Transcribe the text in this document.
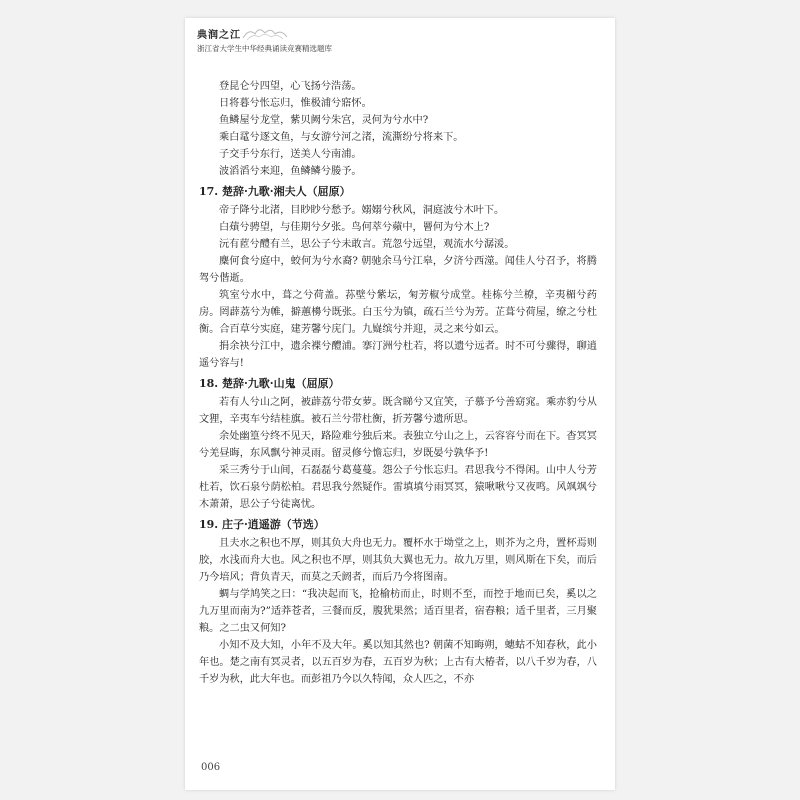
典润之江
浙江省大学生中华经典诵读竞赛精选题库
登昆仑兮四望，心飞扬兮浩荡。
日将暮兮怅忘归，惟极浦兮寤怀。
鱼鳞屋兮龙堂，紫贝阙兮朱宫，灵何为兮水中?
乘白鼋兮逐文鱼，与女游兮河之渚，流澌纷兮将来下。
子交手兮东行，送美人兮南浦。
波滔滔兮来迎，鱼鳞鳞兮媵予。
17. 楚辞·九歌·湘夫人（屈原）
帝子降兮北渚，目眇眇兮愁予。嫋嫋兮秋风，洞庭波兮木叶下。
白薠兮骋望，与佳期兮夕张。鸟何萃兮蘋中，罾何为兮木上?
沅有茝兮醴有兰，思公子兮未敢言。荒忽兮远望，观流水兮潺湲。
麋何食兮庭中，蛟何为兮水裔? 朝驰余马兮江皋，夕济兮西澨。闻佳人兮召予，将腾驾兮偕逝。
筑室兮水中，葺之兮荷盖。荪壁兮紫坛，匊芳椒兮成堂。桂栋兮兰橑，辛夷楣兮药房。罔薜荔兮为帷，擗蕙櫋兮既张。白玉兮为镇，疏石兰兮为芳。芷葺兮荷屋，缭之兮杜衡。合百草兮实庭，建芳馨兮庑门。九嶷缤兮并迎，灵之来兮如云。
捐余袂兮江中，遗余褋兮醴浦。搴汀洲兮杜若，将以遗兮远者。时不可兮骤得，聊逍遥兮容与!
18. 楚辞·九歌·山鬼（屈原）
若有人兮山之阿，被薜荔兮带女萝。既含睇兮又宜笑，子慕予兮善窈窕。乘赤豹兮从文狸，辛夷车兮结桂旗。被石兰兮带杜衡，折芳馨兮遗所思。
余处幽篁兮终不见天，路险难兮独后来。表独立兮山之上，云容容兮而在下。杳冥冥兮羌昼晦，东风飘兮神灵雨。留灵修兮憺忘归，岁既晏兮孰华予!
采三秀兮于山间，石磊磊兮葛蔓蔓。怨公子兮怅忘归。君思我兮不得闲。山中人兮芳杜若，饮石泉兮荫松柏。君思我兮然疑作。雷填填兮雨冥冥，猿啾啾兮又夜鸣。风飒飒兮木萧萧，思公子兮徒离忧。
19. 庄子·逍遥游（节选）
且夫水之积也不厚，则其负大舟也无力。覆杯水于坳堂之上，则芥为之舟，置杯焉则胶，水浅而舟大也。风之积也不厚，则其负大翼也无力。故九万里，则风斯在下矣，而后乃今培风；背负青天，而莫之夭阏者，而后乃今将图南。
蜩与学鸠笑之曰：“我决起而飞，抢榆枋而止，时则不至，而控于地而已矣，奚以之九万里而南为?”适莽苍者，三餐而反，腹犹果然；适百里者，宿舂粮；适千里者，三月聚粮。之二虫又何知?
小知不及大知，小年不及大年。奚以知其然也? 朝菌不知晦朔，蟪蛄不知春秋，此小年也。楚之南有冥灵者，以五百岁为春，五百岁为秋；上古有大椿者，以八千岁为春，八千岁为秋，此大年也。而彭祖乃今以久特闻，众人匹之，不亦
006
